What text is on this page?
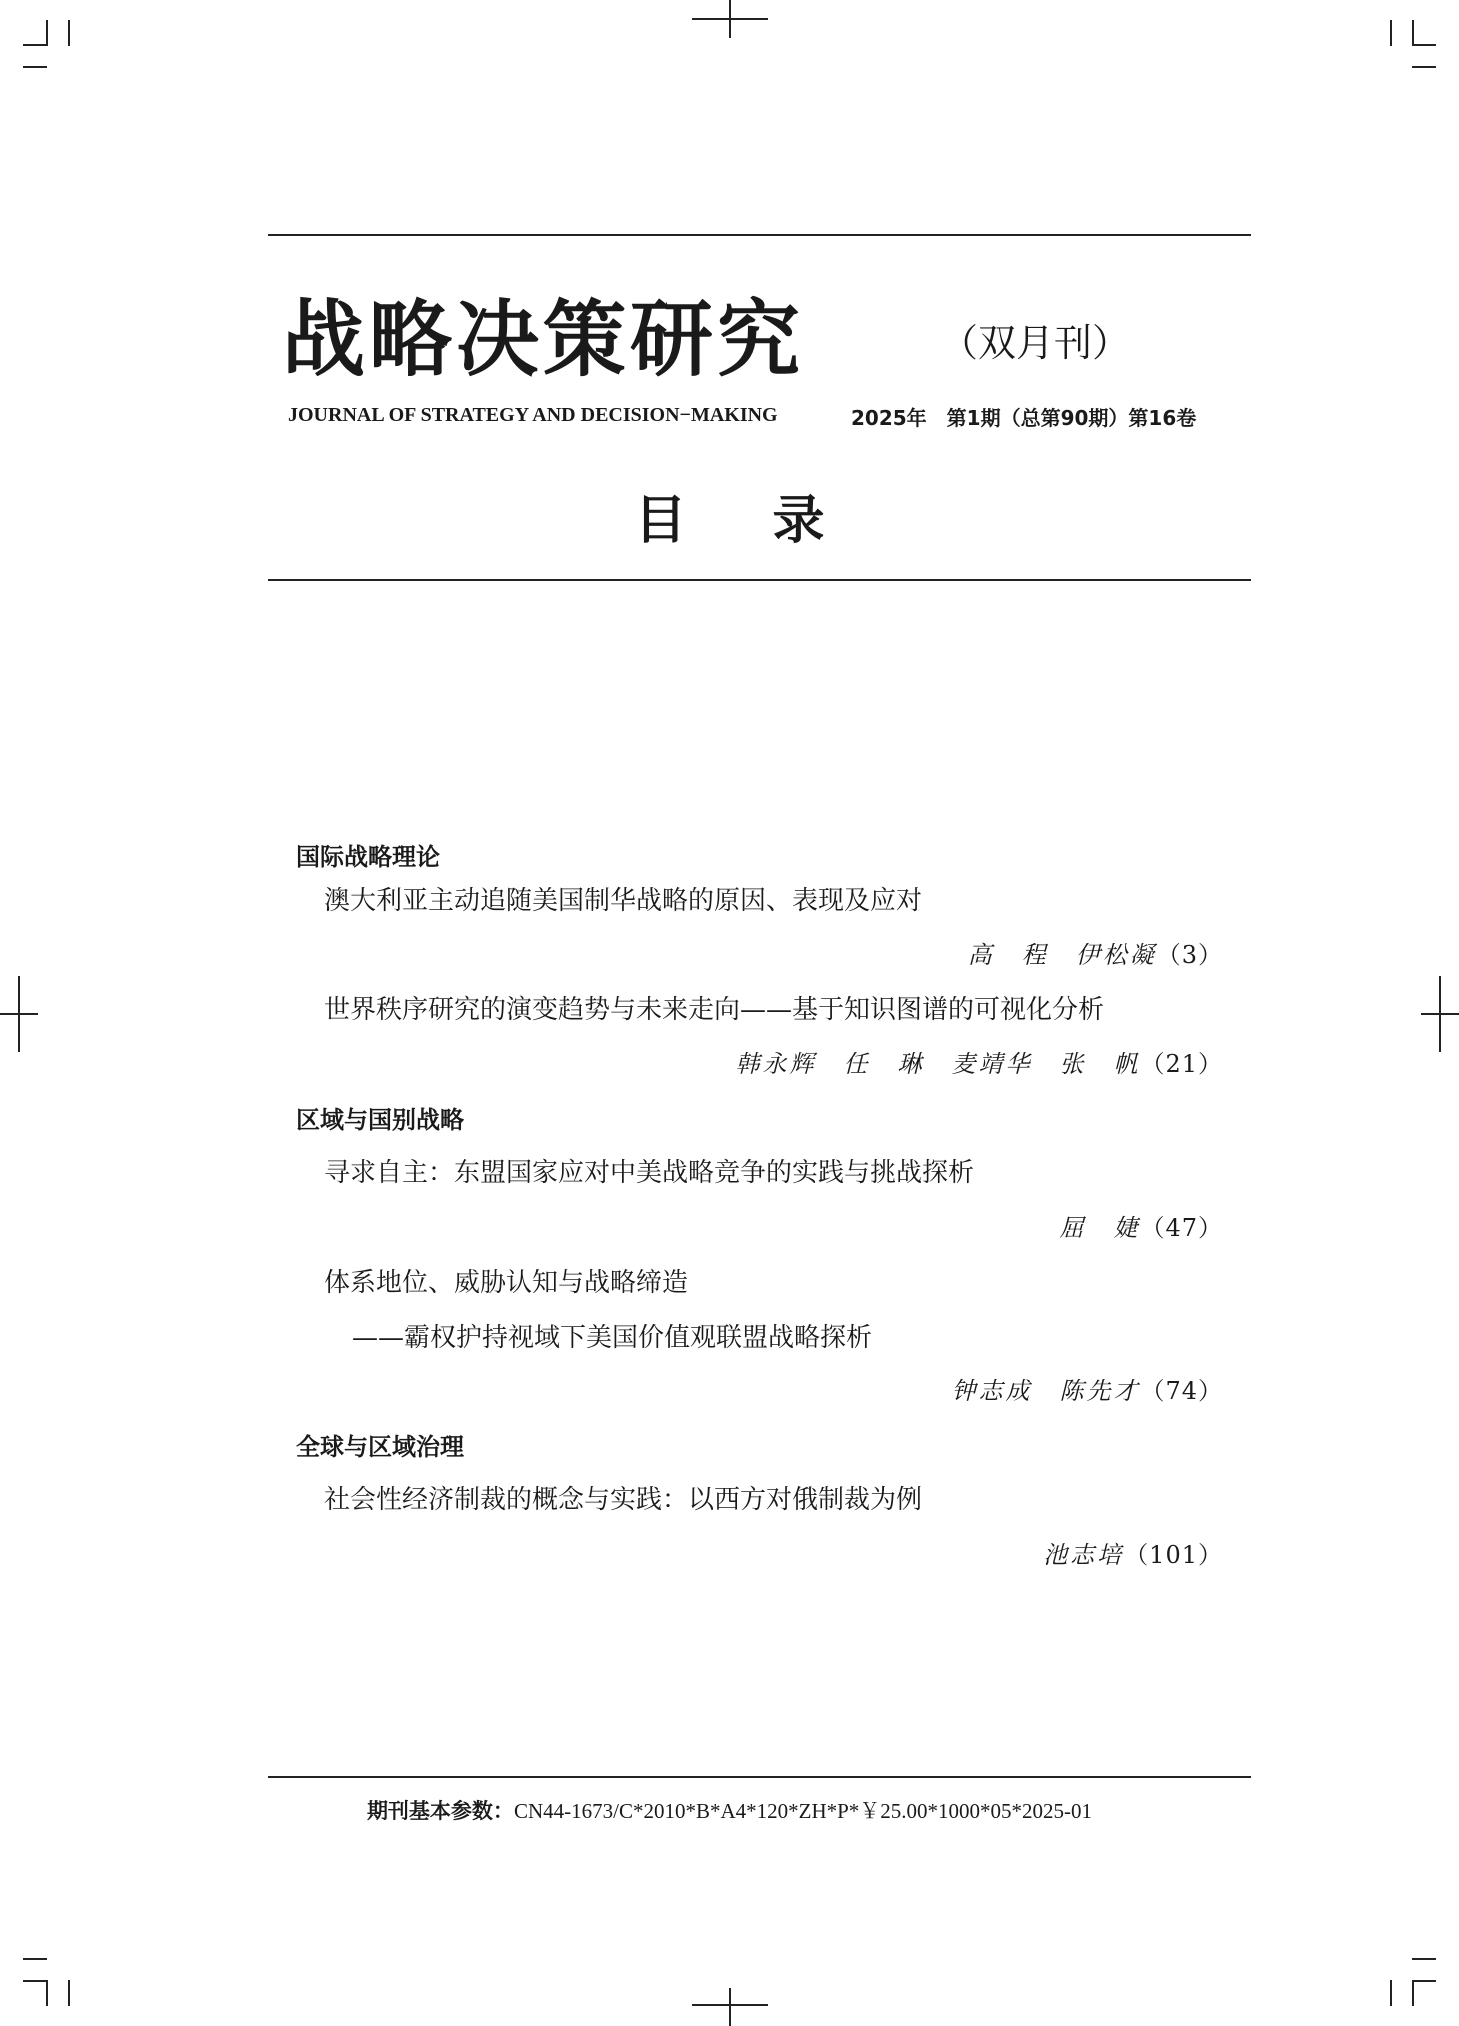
战略决策研究	（双月刊）
JOURNAL OF STRATEGY AND DECISION−MAKING	2025年　第1期（总第90期）第16卷
目 录
国际战略理论
澳大利亚主动追随美国制华战略的原因、表现及应对
高　程　伊松凝（3）
世界秩序研究的演变趋势与未来走向——基于知识图谱的可视化分析
韩永辉　任　琳　麦靖华　张　帆（21）
区域与国别战略
寻求自主：东盟国家应对中美战略竞争的实践与挑战探析
屈　婕（47）
体系地位、威胁认知与战略缔造
——霸权护持视域下美国价值观联盟战略探析
钟志成　陈先才（74）
全球与区域治理
社会性经济制裁的概念与实践：以西方对俄制裁为例
池志培（101）
期刊基本参数：CN44-1673/C*2010*B*A4*120*ZH*P*￥25.00*1000*05*2025-01
